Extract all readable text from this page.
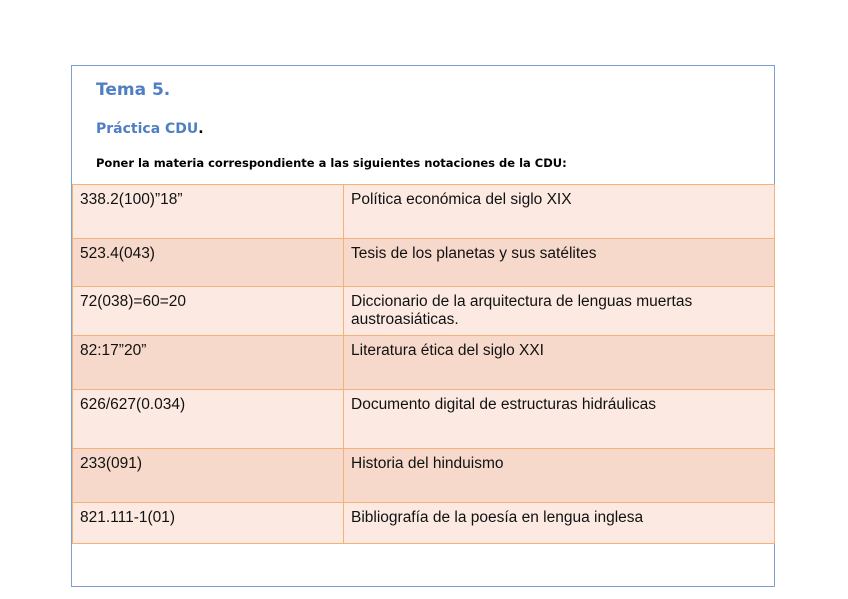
Tema 5.

Práctica CDU.

Poner la materia correspondiente a las siguientes notaciones de la CDU:

338.2(100)”18”	Política económica del siglo XIX
523.4(043)	Tesis de los planetas y sus satélites
72(038)=60=20	Diccionario de la arquitectura de lenguas muertas austroasiáticas.
82:17”20”	Literatura ética del siglo XXI
626/627(0.034)	Documento digital de estructuras hidráulicas
233(091)	Historia del hinduismo
821.111-1(01)	Bibliografía de la poesía en lengua inglesa
